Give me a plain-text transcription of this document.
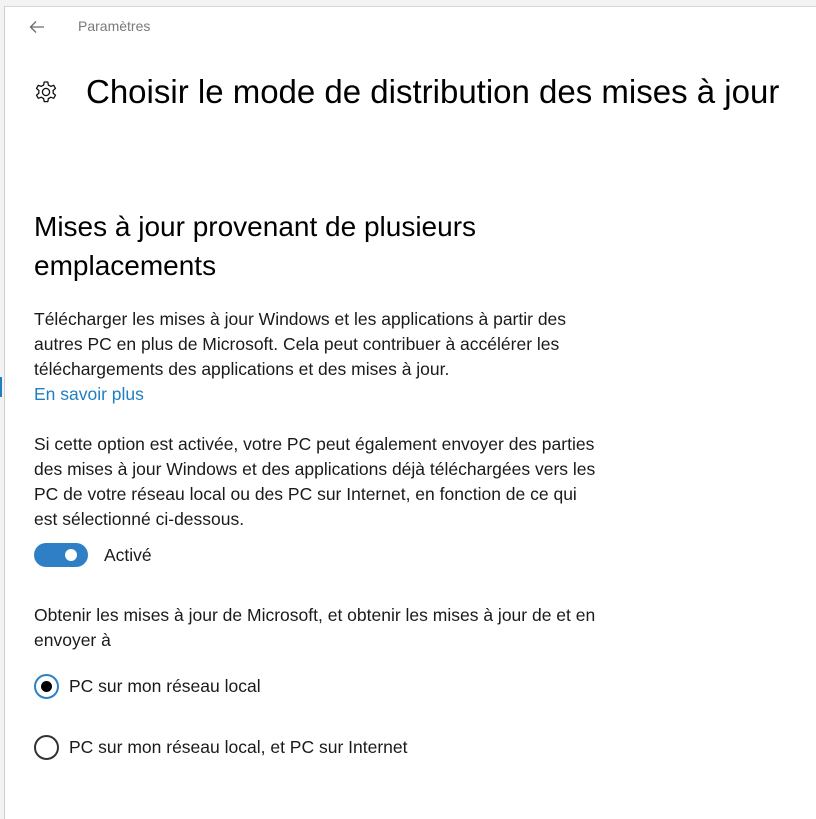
Paramètres
Choisir le mode de distribution des mises à jour
Mises à jour provenant de plusieurs emplacements
Télécharger les mises à jour Windows et les applications à partir des autres PC en plus de Microsoft. Cela peut contribuer à accélérer les téléchargements des applications et des mises à jour.
En savoir plus
Si cette option est activée, votre PC peut également envoyer des parties des mises à jour Windows et des applications déjà téléchargées vers les PC de votre réseau local ou des PC sur Internet, en fonction de ce qui est sélectionné ci-dessous.
Activé
Obtenir les mises à jour de Microsoft, et obtenir les mises à jour de et en envoyer à
PC sur mon réseau local
PC sur mon réseau local, et PC sur Internet
